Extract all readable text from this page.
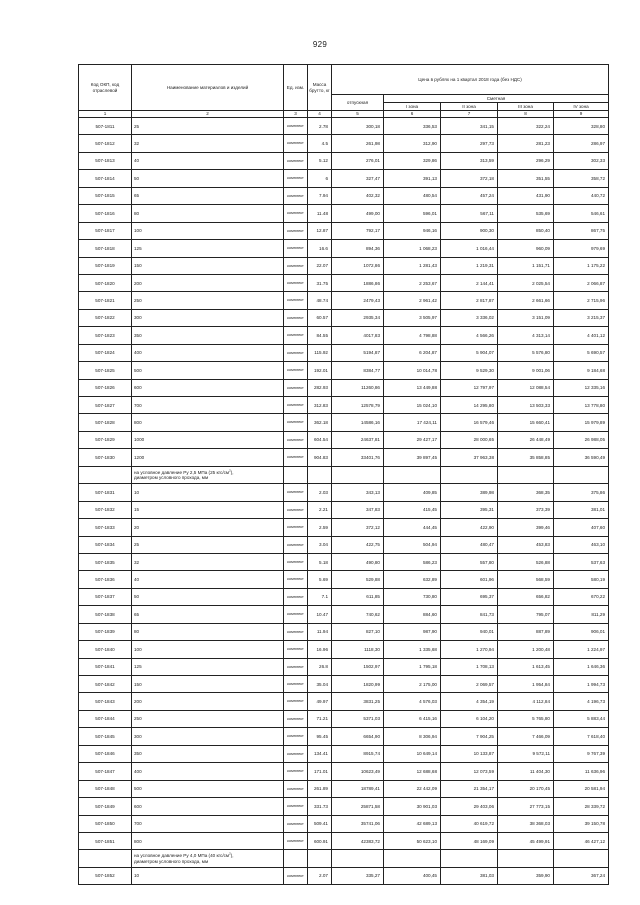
929
Код ОКП, код отраслевой	Наименование материалов и изделий	Ед. изм.	Масса брутто, кг	Цена в рублях на 1 квартал 2018 года (без НДС)				
				отпускная	Сметная			
					I зона	II зона	III зона	IV зона
1	2	3	4	5	6	7	8	9
507-1811	25	комплект	2.78	300,18	336,53	341,15	322,24	328,80
507-1812	32	комплект	4.5	261,98	312,90	297,73	281,23	286,97
507-1813	40	комплект	5.12	276,01	329,86	313,59	296,29	302,33
507-1814	50	комплект	6	327,47	391,13	372,18	351,55	358,72
507-1815	65	комплект	7.94	402,32	480,54	457,24	431,90	440,72
507-1816	80	комплект	11.48	499,00	596,01	567,11	535,69	546,61
507-1817	100	комплект	12.87	792,17	946,16	900,30	850,40	867,75
507-1818	125	комплект	16.6	894,36	1 068,23	1 016,44	960,09	979,69
507-1819	150	комплект	22.07	1072,86	1 281,43	1 219,31	1 151,71	1 175,22
507-1820	200	комплект	31.75	1886,86	2 253,67	2 144,41	2 025,54	2 066,87
507-1821	250	комплект	48.74	2479,43	2 961,42	2 817,87	2 661,66	2 715,96
507-1822	300	комплект	60.57	2935,34	3 505,97	3 336,02	3 151,09	3 215,37
507-1823	350	комплект	84.55	4017,83	4 798,88	4 566,26	4 313,14	4 401,12
507-1824	400	комплект	115.92	5194,87	6 204,87	5 904,07	5 576,80	5 690,57
507-1825	500	комплект	192.01	8384,77	10 014,78	9 529,30	9 001,06	9 184,68
507-1826	600	комплект	282.93	11260,86	13 449,88	12 797,97	12 088,54	12 335,16
507-1827	700	комплект	312.83	12578,79	15 024,10	14 295,80	13 503,33	13 778,80
507-1828	800	комплект	362.18	14586,16	17 424,11	16 579,46	15 660,41	15 979,89
507-1829	1000	комплект	604.54	24637,81	29 427,17	28 000,65	26 448,49	26 988,05
507-1830	1200	комплект	904.83	33401,76	39 897,45	37 963,38	35 858,85	36 590,49
	на условное давление Ру 2,5 МПа (25 кгс/$см^2$),
диаметром условного прохода, мм							
507-1831	10	комплект	2.03	343,13	409,85	389,98	368,35	375,86
507-1832	15	комплект	2.21	347,83	415,45	395,31	373,39	381,01
507-1833	20	комплект	2.59	372,12	444,45	422,90	399,46	407,60
507-1834	25	комплект	3.04	422,75	504,94	480,47	453,83	463,10
507-1835	32	комплект	5.18	490,80	586,23	557,80	526,88	537,63
507-1836	40	комплект	5.69	529,88	632,89	601,96	568,59	580,19
507-1837	50	комплект	7.1	611,85	730,80	695,37	656,82	670,22
507-1838	65	комплект	10.47	740,62	884,60	841,73	795,07	811,29
507-1839	80	комплект	11.94	827,10	987,90	940,01	887,89	906,01
507-1840	100	комплект	16.96	1118,30	1 335,68	1 270,94	1 200,48	1 224,97
507-1841	125	комплект	26.8	1502,97	1 795,18	1 708,13	1 613,45	1 646,36
507-1842	150	комплект	35.04	1820,99	2 175,00	2 069,57	1 954,84	1 994,73
507-1843	200	комплект	49.97	3831,25	4 576,03	4 354,19	4 112,84	4 196,73
507-1844	250	комплект	71.21	5371,03	6 415,16	6 104,20	5 765,80	5 883,44
507-1845	300	комплект	95.45	6654,90	8 306,94	7 904,25	7 466,09	7 618,40
507-1846	350	комплект	134.41	8915,74	10 649,14	10 133,87	9 572,11	9 767,39
507-1847	400	комплект	171.01	10623,49	12 688,68	12 073,59	11 404,30	11 636,96
507-1848	500	комплект	261.89	18789,41	22 442,09	21 354,17	20 170,45	20 581,94
507-1849	600	комплект	331.73	25871,58	30 901,03	29 403,06	27 773,15	28 339,72
507-1850	700	комплект	509.41	35741,06	42 689,13	40 619,72	38 368,03	39 150,78
507-1851	800	комплект	600.91	42383,72	50 623,10	48 169,09	45 499,91	46 427,12
	на условное давление Ру 4,0 МПа (40 кгс/$см^2$),
диаметром условного прохода, мм							
507-1852	10	комплект	2.07	335,27	400,45	381,03	359,90	367,24
